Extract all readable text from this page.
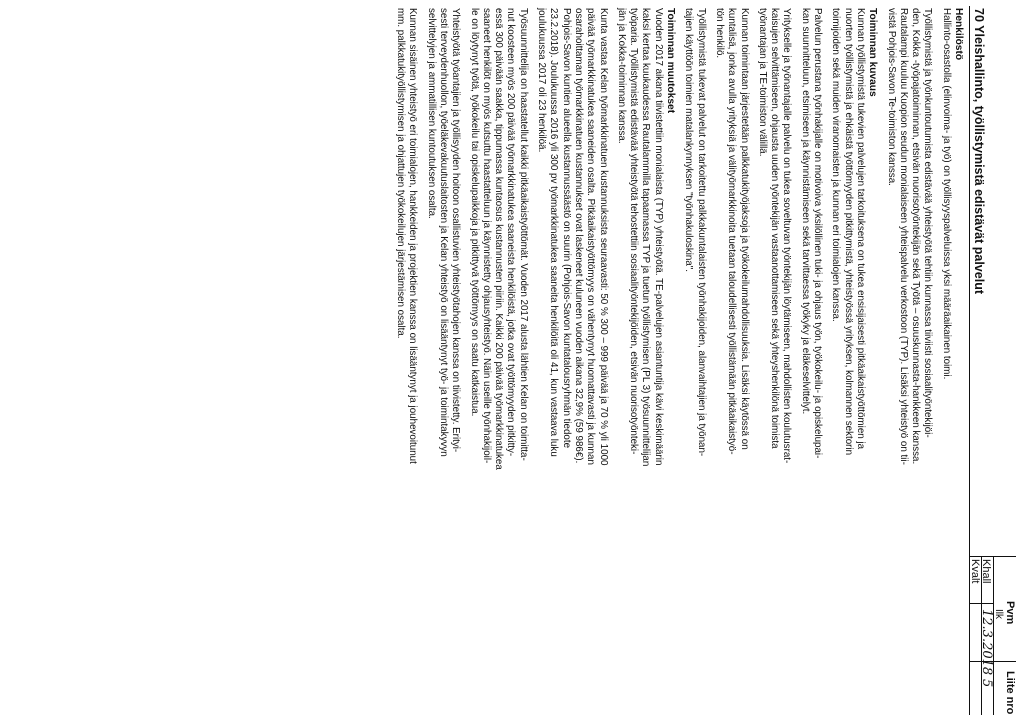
70 Yleishallinto, työllistymistä edistävät palvelut
Pvm
Liite nro
Ilk
Khall
Kvalt
12.3.2018
5
Henkilöstö

Hallinto-osastolla (elinvoima- ja työ) on työllisyyspalveluissa yksi määräaikainen toimi.

Työllistymistä ja työnkuntoutumista edistävää yhteistyötä tehtiin kunnassa tiiviisti sosiaalityöntekijöi-
den, Kokka -työpajatoiminnan, etsivän nuorisotyöntekijän sekä Työtä – osuuskunnasta-hankkeen kanssa.
Rautalampi kuuluu Kuopion seudun monialaiseen yhteispalvelu verkostoon (TYP). Lisäksi yhteistyö on tii-
vistä Pohjois-Savon Te-toimiston kanssa.

Toiminnan kuvaus

Kunnan työllistymistä tukevien palvelujen tarkoituksena on tukea ensisijaisesti pitkäaikaistyöttömien ja
nuorten työllistymistä ja ehkäistä työttömyyden pitkittymistä, yhteistyössä yrityksen, kolmannen sektorin
toimijoiden sekä muiden viranomaisten ja kunnan eri toimialojen kanssa.

Palvelun perustana työnhakijalle on motivoiva yksilöllinen tuki- ja ohjaus työn, työkokeilu- ja opiskelupai-
kan suunnitteluun, etsimiseen ja käynnistämiseen sekä tarvittaessa työkyky ja eläkeselvittelyt.

Yritykselle ja työnantajalle palvelu on tukea soveltuvan työntekijän löytämiseen, mahdollisten koulutusrat-
kaisujen selvittämiseen, ohjausta uuden työntekijän vastaanottamiseen sekä yhteyshenkilönä toimista
työnantajan ja TE-toimiston välillä.

Kunnan toimintaan järjestetään palkkatukityöjaksoja ja työkokeilumahdollisuuksia. Lisäksi käytössä on
kuntalisä, jonka avulla yrityksiä ja välityömarkkinoita tuetaan taloudellisesti työllistämään pitkäaikaistyö-
tön henkilö.

Työllistymistä tukevat palvelut on tarkoitettu palkkakuntalaisten työnhakijoiden, alanvaihtajien ja työnan-
tajien käyttöön toimien matalankynnyksen "työnhakuloskina".

Toiminnan muutokset

Vuoden 2017 aikana tiivistettiin monialaista (TYP) yhteistyötä. TE-palvelujen asiantuntija kävi keskimäärin
kaksi kertaa kuukaudessa Rautalammilla tapaamassa TYP ja tuetun työllistymisen (PL 3) työsuunnittelijan
työparia. Työllistymistä edistävää yhteistyötä tehostettiin sosiaalityöntekijöiden, etsivän nuorisotyönteki-
jän ja Kokka-toiminnan kanssa.

Kunta vastaa Kelan työmarkkinatuen kustannuksista seuraavasti: 50 % 300 – 999 päivää ja 70 % yli 1000
päivää työmarkkinatukea saaneiden osalta. Pitkäaikaistyöttömyys on vähentynyt huomattavasti ja kunnan
osarahoittaman työmarkkinatuen kustannukset ovat laskeneet kuluneen vuoden aikana 32,9% (59 986€).
Pohjois-Savon kuntien alueella kustannussäästö on suurin (Pohjois-Savon kuntatalousryhmän tiedote
23.2.2018). Joulukuussa 2016 yli 300 pv työmarkkinatukea saaneita henkilöitä oli 41, kun vastaava luku
joulukuussa 2017 oli 23 henkilöä.

Työsuunnittelija on haastatellut kaikki pitkäaikaistyöttömät. Vuoden 2017 alusta lähtien Kelan on toimitta-
nut koosteen myös 200 päivää työmarkkinatukea saaneista henkilöistä, jotka ovat työttömyyden pitkitty-
essä 300 päivään saakka, tippumassa kuntaosus kustannusten piiriin. Kaikki 200 päivää työmarkkinatukea
saaneet henkilöt on myös kutsuttu haastatteluun ja käynnistetty ohjausyhteistyö. Näin useille työnhakijoil-
le on löytynyt työtä, työkokeilu tai opiskelupaikkoja ja pitkittyvä työttömyys on saatu katkaistua.

Yhteistyötä työantajien ja työllisyyden hoitoon osallistuvien yhteistyötahojen kanssa on tiivistetty. Erityi-
sesti terveydenhuollon, työeläkevakuutuslaitosten ja Kelan yhteistyö on lisääntynyt työ- ja toimintakyvyn
selvittelyjen ja ammatillisen kuntoutuksen osalta.

Kunnan sisäinen yhteistyö eri toimialojen, hankkeiden ja projektien kanssa on lisääntynyt ja jouhevoitunut
mm. palkkatukityöllistymisen ja ohjattujen työkokeilujen järjestämisen osalta.
